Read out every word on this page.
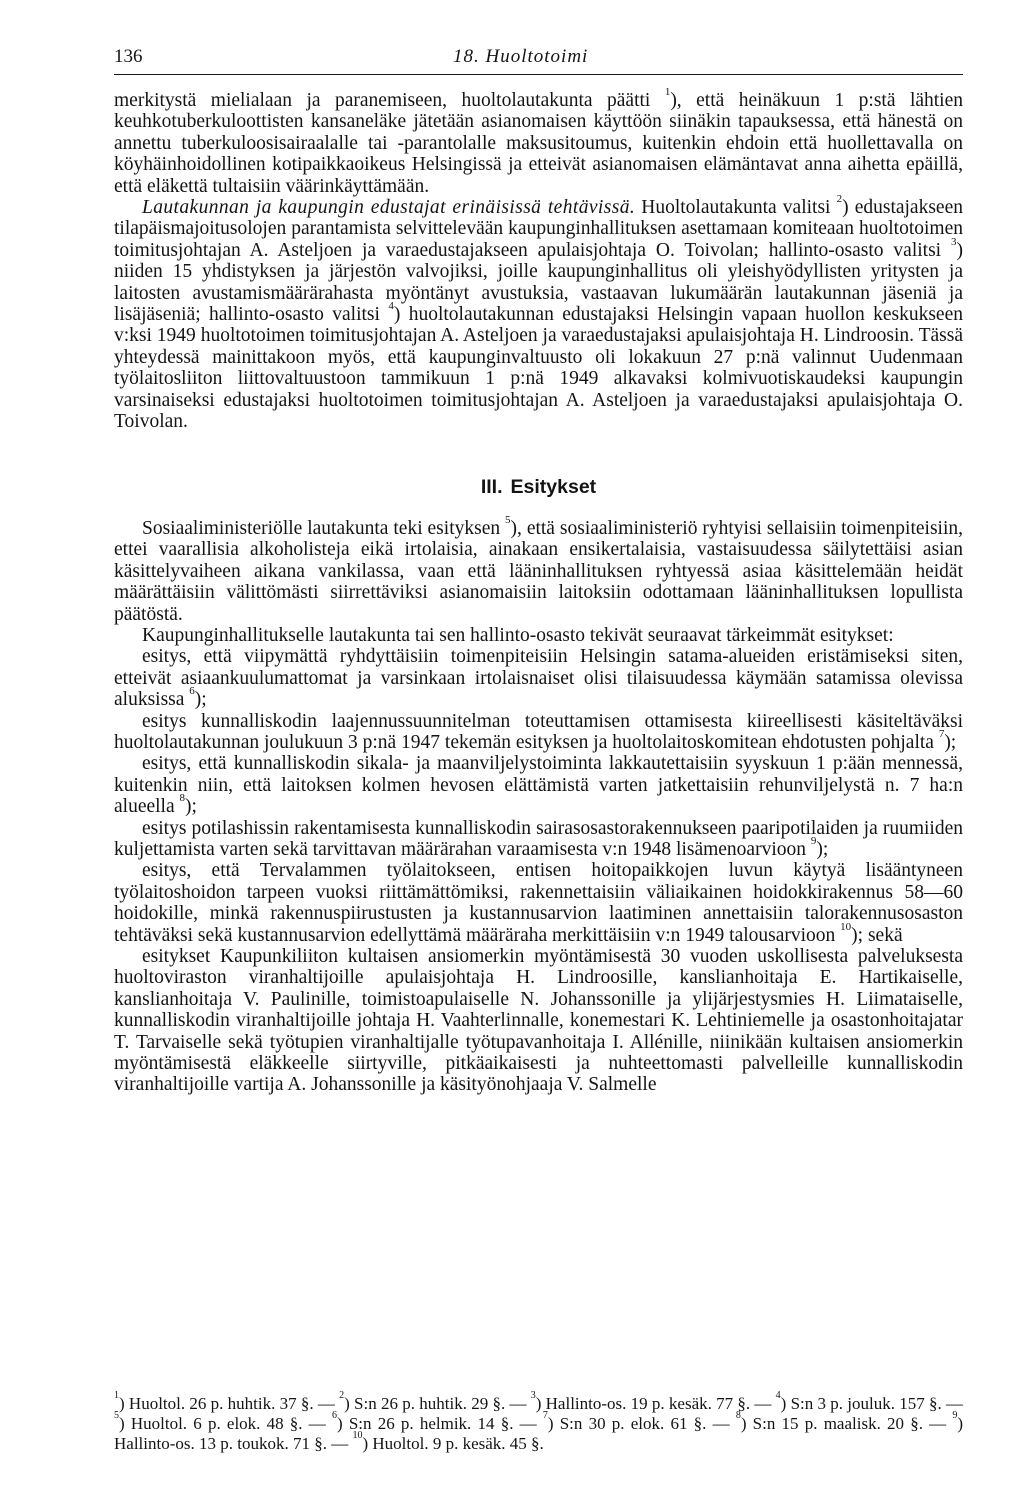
136	18. Huoltotoimi

merkitystä mielialaan ja paranemiseen, huoltolautakunta päätti $^1$), että heinäkuun 1 p:stä lähtien keuhkotuberkuloottisten kansaneläke jätetään asianomaisen käyttöön siinäkin tapauksessa, että hänestä on annettu tuberkuloosisairaalalle tai -parantolalle maksusitoumus, kuitenkin ehdoin että huollettavalla on köyhäinhoidollinen kotipaikkaoikeus Helsingissä ja etteivät asianomaisen elämäntavat anna aihetta epäillä, että eläkettä tultaisiin väärinkäyttämään.

Lautakunnan ja kaupungin edustajat erinäisissä tehtävissä. Huoltolautakunta valitsi $^2$) edustajakseen tilapäismajoitusolojen parantamista selvittelevään kaupunginhallituksen asettamaan komiteaan huoltotoimen toimitusjohtajan A. Asteljoen ja varaedustajakseen apulaisjohtaja O. Toivolan; hallinto-osasto valitsi $^3$) niiden 15 yhdistyksen ja järjestön valvojiksi, joille kaupunginhallitus oli yleishyödyllisten yritysten ja laitosten avustamismäärärahasta myöntänyt avustuksia, vastaavan lukumäärän lautakunnan jäseniä ja lisäjäseniä; hallinto-osasto valitsi $^4$) huoltolautakunnan edustajaksi Helsingin vapaan huollon keskukseen v:ksi 1949 huoltotoimen toimitusjohtajan A. Asteljoen ja varaedustajaksi apulaisjohtaja H. Lindroosin. Tässä yhteydessä mainittakoon myös, että kaupunginvaltuusto oli lokakuun 27 p:nä valinnut Uudenmaan työlaitosliiton liittovaltuustoon tammikuun 1 p:nä 1949 alkavaksi kolmivuotiskaudeksi kaupungin varsinaiseksi edustajaksi huoltotoimen toimitusjohtajan A. Asteljoen ja varaedustajaksi apulaisjohtaja O. Toivolan.

III. Esitykset

Sosiaaliministeriölle lautakunta teki esityksen $^5$), että sosiaaliministeriö ryhtyisi sellaisiin toimenpiteisiin, ettei vaarallisia alkoholisteja eikä irtolaisia, ainakaan ensikertalaisia, vastaisuudessa säilytettäisi asian käsittelyvaiheen aikana vankilassa, vaan että lääninhallituksen ryhtyessä asiaa käsittelemään heidät määrättäisiin välittömästi siirrettäviksi asianomaisiin laitoksiin odottamaan lääninhallituksen lopullista päätöstä.

Kaupunginhallitukselle lautakunta tai sen hallinto-osasto tekivät seuraavat tärkeimmät esitykset:

esitys, että viipymättä ryhdyttäisiin toimenpiteisiin Helsingin satama-alueiden eristämiseksi siten, etteivät asiaankuulumattomat ja varsinkaan irtolaisnaiset olisi tilaisuudessa käymään satamissa olevissa aluksissa $^6$);

esitys kunnalliskodin laajennussuunnitelman toteuttamisen ottamisesta kiireellisesti käsiteltäväksi huoltolautakunnan joulukuun 3 p:nä 1947 tekemän esityksen ja huoltolaitoskomitean ehdotusten pohjalta $^7$);

esitys, että kunnalliskodin sikala- ja maanviljelystoiminta lakkautettaisiin syyskuun 1 p:ään mennessä, kuitenkin niin, että laitoksen kolmen hevosen elättämistä varten jatkettaisiin rehunviljelystä n. 7 ha:n alueella $^8$);

esitys potilashissin rakentamisesta kunnalliskodin sairasosastorakennukseen paaripotilaiden ja ruumiiden kuljettamista varten sekä tarvittavan määrärahan varaamisesta v:n 1948 lisämenoarvioon $^9$);

esitys, että Tervalammen työlaitokseen, entisen hoitopaikkojen luvun käytyä lisääntyneen työlaitoshoidon tarpeen vuoksi riittämättömiksi, rakennettaisiin väliaikainen hoidokkirakennus 58—60 hoidokille, minkä rakennuspiirustusten ja kustannusarvion laatiminen annettaisiin talorakennusosaston tehtäväksi sekä kustannusarvion edellyttämä määräraha merkittäisiin v:n 1949 talousarvioon $^{10}$); sekä

esitykset Kaupunkiliiton kultaisen ansiomerkin myöntämisestä 30 vuoden uskollisesta palveluksesta huoltoviraston viranhaltijoille apulaisjohtaja H. Lindroosille, kanslianhoitaja E. Hartikaiselle, kanslianhoitaja V. Paulinille, toimistoapulaiselle N. Johanssonille ja ylijärjestysmies H. Liimataiselle, kunnalliskodin viranhaltijoille johtaja H. Vaahterlinnalle, konemestari K. Lehtiniemelle ja osastonhoitajatar T. Tarvaiselle sekä työtupien viranhaltijalle työtupavanhoitaja I. Allénille, niinikään kultaisen ansiomerkin myöntämisestä eläkkeelle siirtyville, pitkäaikaisesti ja nuhteettomasti palvelleille kunnalliskodin viranhaltijoille vartija A. Johanssonille ja käsityönohjaaja V. Salmelle

$^1$) Huoltol. 26 p. huhtik. 37 §. — $^2$) S:n 26 p. huhtik. 29 §. — $^3$) Hallinto-os. 19 p. kesäk. 77 §. — $^4$) S:n 3 p. jouluk. 157 §. — $^5$) Huoltol. 6 p. elok. 48 §. — $^6$) S:n 26 p. helmik. 14 §. — $^7$) S:n 30 p. elok. 61 §. — $^8$) S:n 15 p. maalisk. 20 §. — $^9$) Hallinto-os. 13 p. toukok. 71 §. — $^{10}$) Huoltol. 9 p. kesäk. 45 §.
